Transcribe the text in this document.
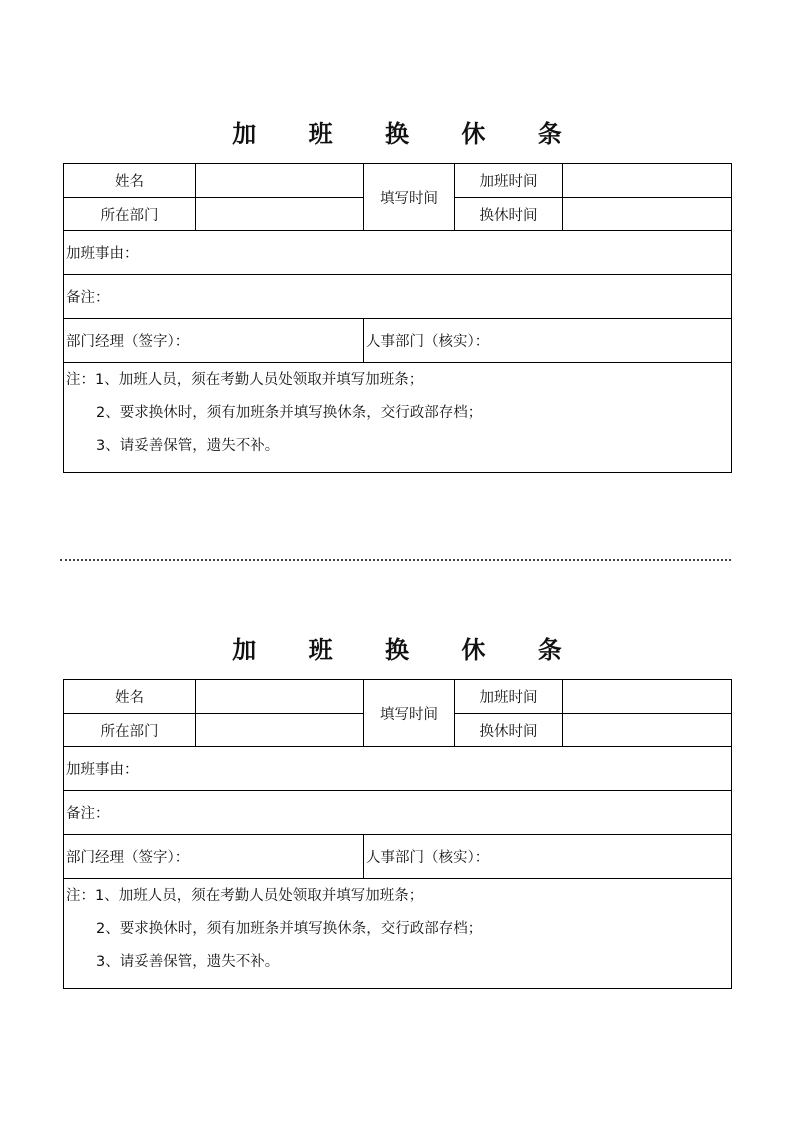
加 班 换 休 条
姓名		填写时间	加班时间	
所在部门			换休时间	
加班事由：				
备注：				
部门经理（签字）：		人事部门（核实）：		

注：1、加班人员，须在考勤人员处领取并填写加班条；
2、要求换休时，须有加班条并填写换休条，交行政部存档；
3、请妥善保管，遗失不补。				
加 班 换 休 条
姓名		填写时间	加班时间	
所在部门			换休时间	
加班事由：				
备注：				
部门经理（签字）：		人事部门（核实）：		

注：1、加班人员，须在考勤人员处领取并填写加班条；
2、要求换休时，须有加班条并填写换休条，交行政部存档；
3、请妥善保管，遗失不补。				
